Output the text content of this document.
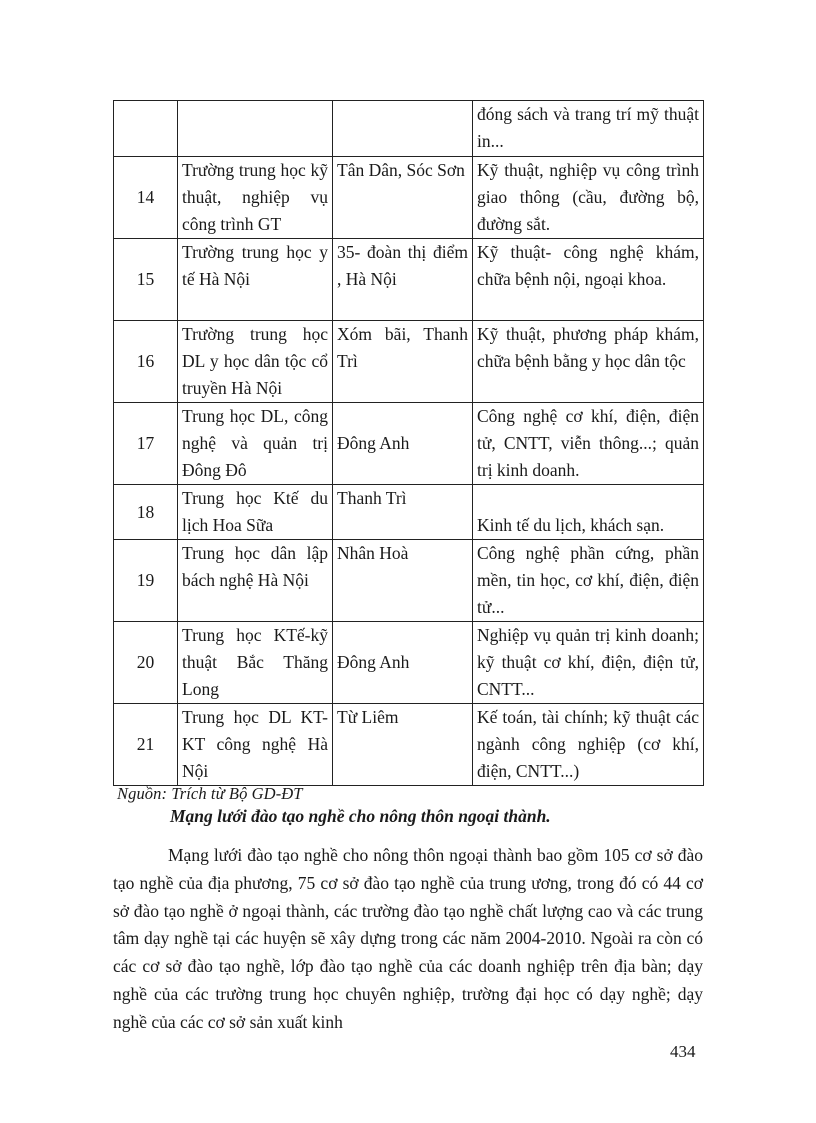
			đóng sách và trang trí mỹ thuật in...
14	Trường trung học kỹ thuật, nghiệp vụ công trình GT	Tân Dân, Sóc Sơn	Kỹ thuật, nghiệp vụ công trình giao thông (cầu, đường bộ, đường sắt.
15	Trường trung học y tế Hà Nội	35- đoàn thị điểm , Hà Nội	Kỹ thuật- công nghệ khám, chữa bệnh nội, ngoại khoa.
16	Trường trung học DL y học dân tộc cổ truyền Hà Nội	Xóm bãi, Thanh Trì	Kỹ thuật, phương pháp khám, chữa bệnh bằng y học dân tộc
17	Trung học DL, công nghệ và quản trị Đông Đô	Đông Anh	Công nghệ cơ khí, điện, điện tử, CNTT, viễn thông...; quản trị kinh doanh.
18	Trung học Ktế du lịch Hoa Sữa	Thanh Trì	Kinh tế du lịch, khách sạn.
19	Trung học dân lập bách nghệ Hà Nội	Nhân Hoà	Công nghệ phần cứng, phần mền, tin học, cơ khí, điện, điện tử...
20	Trung học KTế-kỹ thuật Bắc Thăng Long	Đông Anh	Nghiệp vụ quản trị kinh doanh; kỹ thuật cơ khí, điện, điện tử, CNTT...
21	Trung học DL KT- KT công nghệ Hà Nội	Từ Liêm	Kế toán, tài chính; kỹ thuật các ngành công nghiệp (cơ khí, điện, CNTT...)
Nguồn: Trích từ Bộ GD-ĐT
Mạng lưới đào tạo nghề cho nông thôn ngoại thành.

Mạng lưới đào tạo nghề cho nông thôn ngoại thành bao gồm 105 cơ sở đào tạo nghề của địa phương, 75 cơ sở đào tạo nghề của trung ương, trong đó có 44 cơ sở đào tạo nghề ở ngoại thành, các trường đào tạo nghề chất lượng cao và các trung tâm dạy nghề tại các huyện sẽ xây dựng trong các năm 2004-2010. Ngoài ra còn có các cơ sở đào tạo nghề, lớp đào tạo nghề của các doanh nghiệp trên địa bàn; dạy nghề của các trường trung học chuyên nghiệp, trường đại học có dạy nghề; dạy nghề của các cơ sở sản xuất kinh

434
